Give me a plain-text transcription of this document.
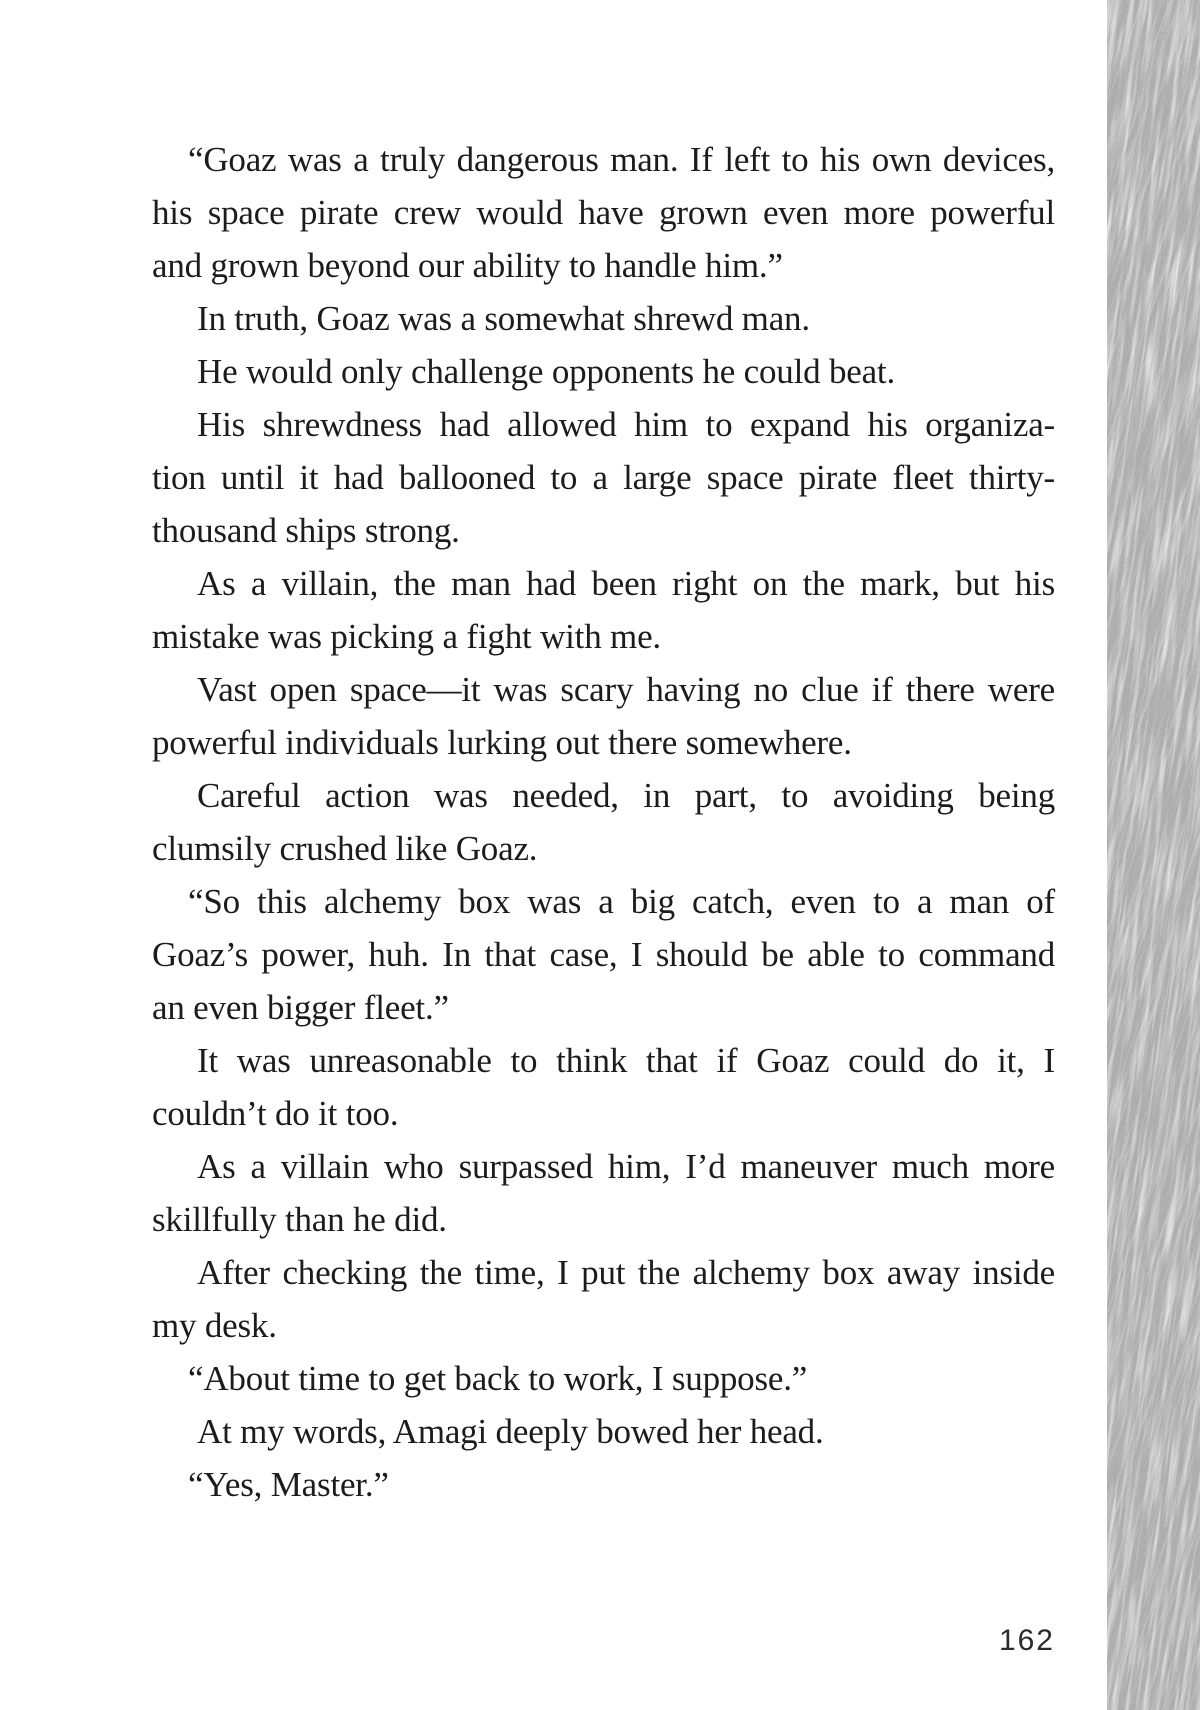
“Goaz was a truly dangerous man. If left to his own devices,
his space pirate crew would have grown even more powerful
and grown beyond our ability to handle him.”
In truth, Goaz was a somewhat shrewd man.
He would only challenge opponents he could beat.
His shrewdness had allowed him to expand his organiza-
tion until it had ballooned to a large space pirate fleet thirty-
thousand ships strong.
As a villain, the man had been right on the mark, but his
mistake was picking a fight with me.
Vast open space—it was scary having no clue if there were
powerful individuals lurking out there somewhere.
Careful action was needed, in part, to avoiding being
clumsily crushed like Goaz.
“So this alchemy box was a big catch, even to a man of
Goaz’s power, huh. In that case, I should be able to command
an even bigger fleet.”
It was unreasonable to think that if Goaz could do it, I
couldn’t do it too.
As a villain who surpassed him, I’d maneuver much more
skillfully than he did.
After checking the time, I put the alchemy box away inside
my desk.
“About time to get back to work, I suppose.”
At my words, Amagi deeply bowed her head.
“Yes, Master.”
162
